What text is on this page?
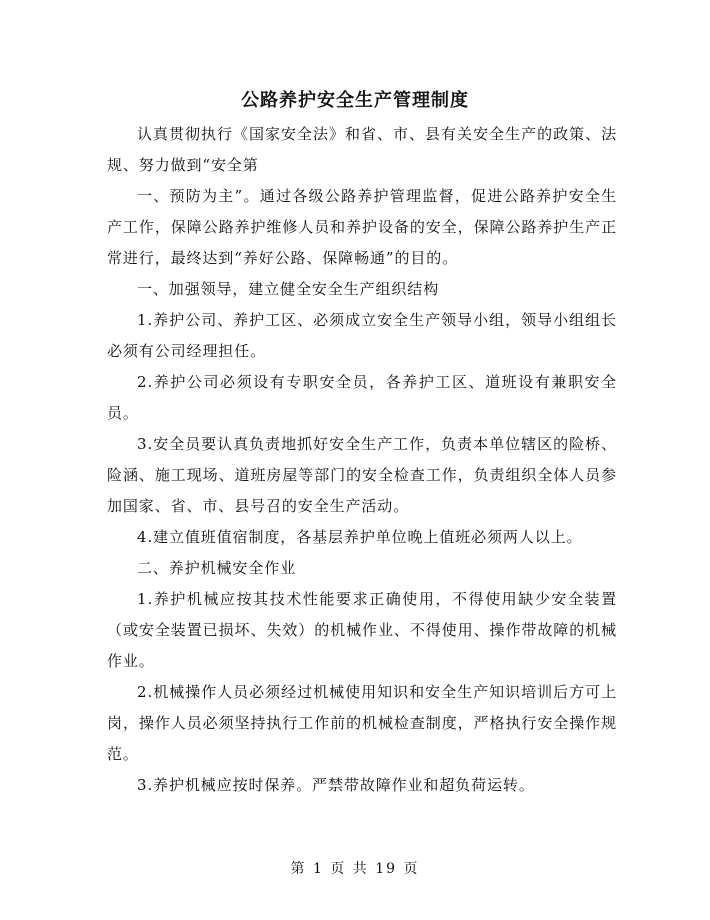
公路养护安全生产管理制度

认真贯彻执行《国家安全法》和省、市、县有关安全生产的政策、法规、努力做到“安全第

一、预防为主”。通过各级公路养护管理监督，促进公路养护安全生产工作，保障公路养护维修人员和养护设备的安全，保障公路养护生产正常进行，最终达到“养好公路、保障畅通”的目的。

一、加强领导，建立健全安全生产组织结构

1.养护公司、养护工区、必须成立安全生产领导小组，领导小组组长必须有公司经理担任。

2.养护公司必须设有专职安全员，各养护工区、道班设有兼职安全员。

3.安全员要认真负责地抓好安全生产工作，负责本单位辖区的险桥、险涵、施工现场、道班房屋等部门的安全检查工作，负责组织全体人员参加国家、省、市、县号召的安全生产活动。

4.建立值班值宿制度，各基层养护单位晚上值班必须两人以上。

二、养护机械安全作业

1.养护机械应按其技术性能要求正确使用，不得使用缺少安全装置（或安全装置已损坏、失效）的机械作业、不得使用、操作带故障的机械作业。

2.机械操作人员必须经过机械使用知识和安全生产知识培训后方可上岗，操作人员必须坚持执行工作前的机械检查制度，严格执行安全操作规范。

3.养护机械应按时保养。严禁带故障作业和超负荷运转。

第 1 页 共 19 页
